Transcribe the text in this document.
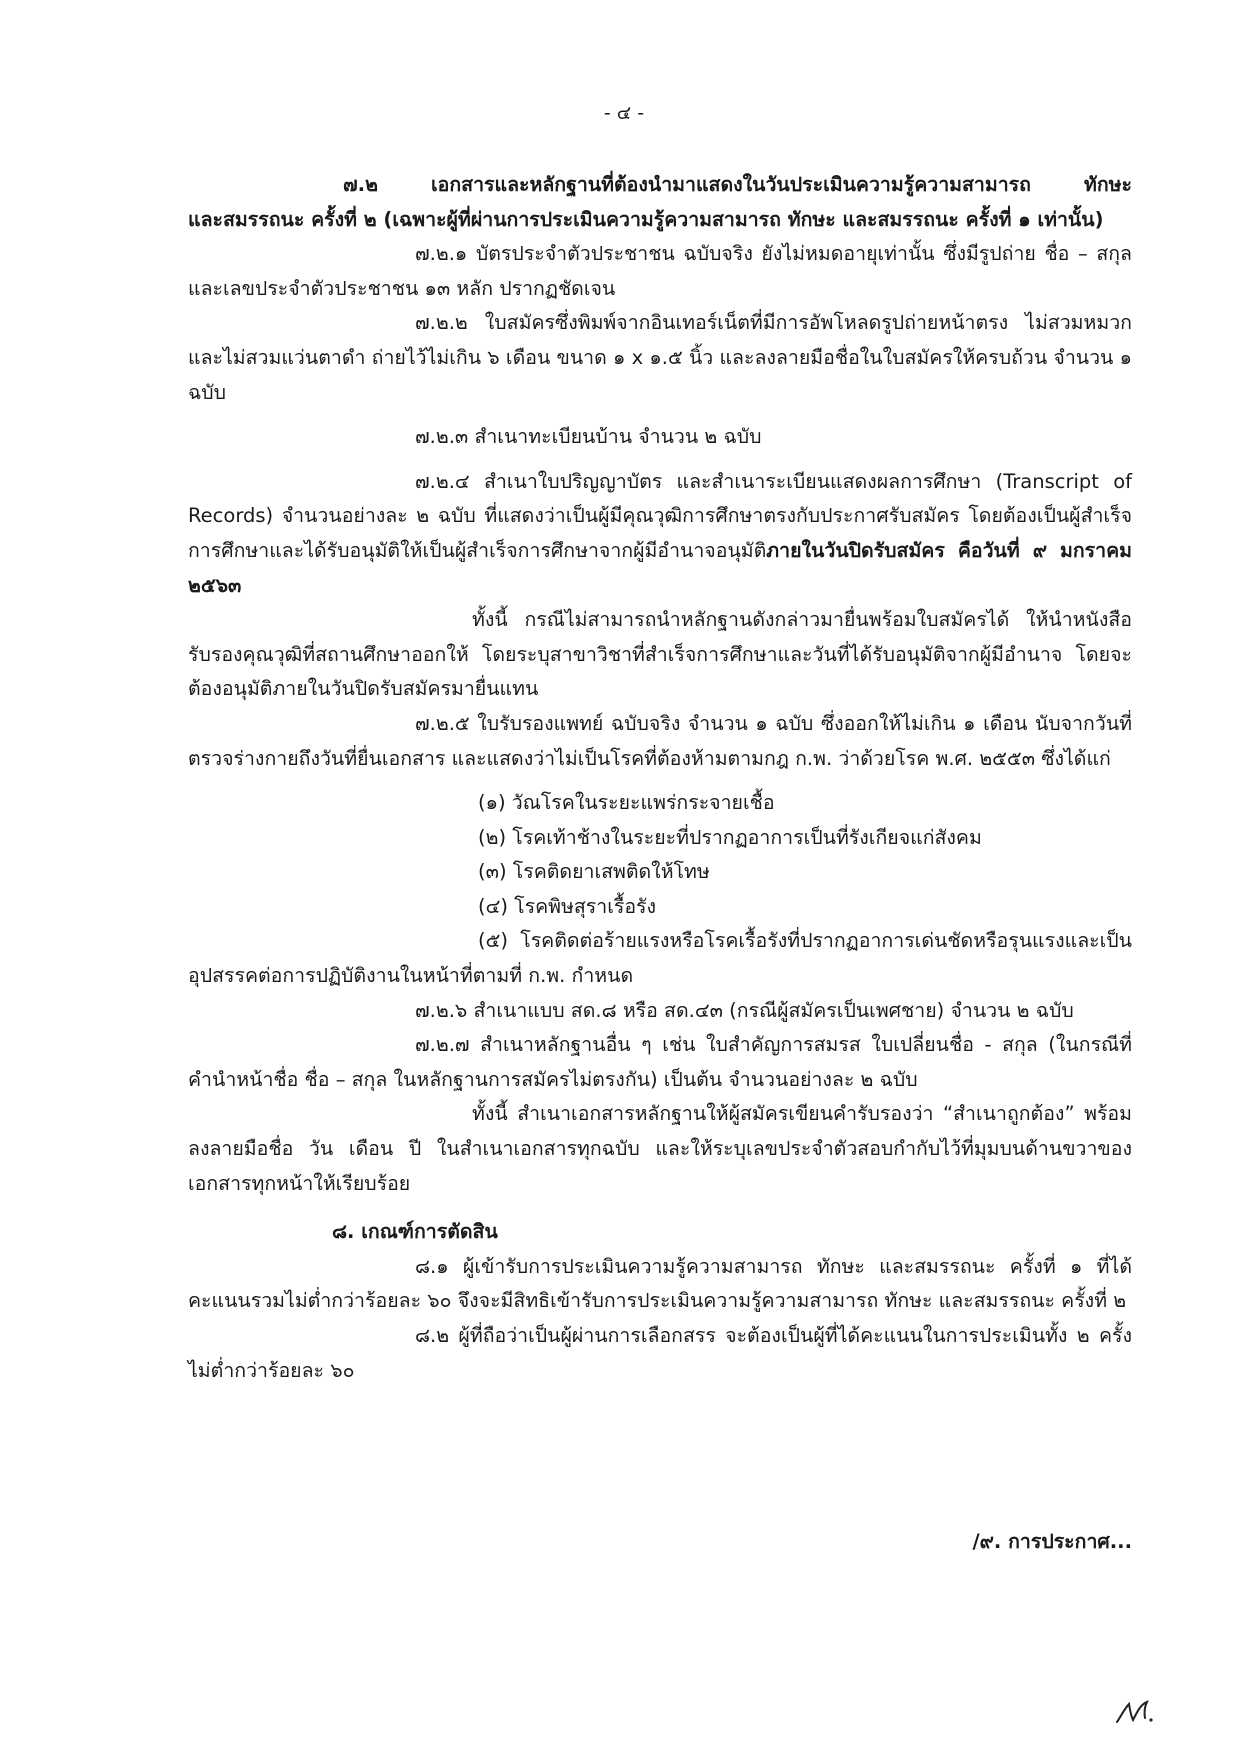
- ๔ -

๗.๒ เอกสารและหลักฐานที่ต้องนำมาแสดงในวันประเมินความรู้ความสามารถ ทักษะ

และสมรรถนะ ครั้งที่ ๒ (เฉพาะผู้ที่ผ่านการประเมินความรู้ความสามารถ ทักษะ และสมรรถนะ ครั้งที่ ๑ เท่านั้น)

๗.๒.๑ บัตรประจำตัวประชาชน ฉบับจริง ยังไม่หมดอายุเท่านั้น ซึ่งมีรูปถ่าย ชื่อ – สกุล และเลขประจำตัวประชาชน ๑๓ หลัก ปรากฏชัดเจน

๗.๒.๒ ใบสมัครซึ่งพิมพ์จากอินเทอร์เน็ตที่มีการอัพโหลดรูปถ่ายหน้าตรง ไม่สวมหมวก และไม่สวมแว่นตาดำ ถ่ายไว้ไม่เกิน ๖ เดือน ขนาด ๑ x ๑.๕ นิ้ว และลงลายมือชื่อในใบสมัครให้ครบถ้วน จำนวน ๑ ฉบับ

๗.๒.๓ สำเนาทะเบียนบ้าน จำนวน ๒ ฉบับ

๗.๒.๔ สำเนาใบปริญญาบัตร และสำเนาระเบียนแสดงผลการศึกษา (Transcript of Records) จำนวนอย่างละ ๒ ฉบับ ที่แสดงว่าเป็นผู้มีคุณวุฒิการศึกษาตรงกับประกาศรับสมัคร โดยต้องเป็นผู้สำเร็จการศึกษาและได้รับอนุมัติให้เป็นผู้สำเร็จการศึกษาจากผู้มีอำนาจอนุมัติภายในวันปิดรับสมัคร คือวันที่ ๙ มกราคม ๒๕๖๓

ทั้งนี้ กรณีไม่สามารถนำหลักฐานดังกล่าวมายื่นพร้อมใบสมัครได้ ให้นำหนังสือรับรองคุณวุฒิที่สถานศึกษาออกให้ โดยระบุสาขาวิชาที่สำเร็จการศึกษาและวันที่ได้รับอนุมัติจากผู้มีอำนาจ โดยจะต้องอนุมัติภายในวันปิดรับสมัครมายื่นแทน

๗.๒.๕ ใบรับรองแพทย์ ฉบับจริง จำนวน ๑ ฉบับ ซึ่งออกให้ไม่เกิน ๑ เดือน นับจากวันที่ตรวจร่างกายถึงวันที่ยื่นเอกสาร และแสดงว่าไม่เป็นโรคที่ต้องห้ามตามกฎ ก.พ. ว่าด้วยโรค พ.ศ. ๒๕๕๓ ซึ่งได้แก่

(๑) วัณโรคในระยะแพร่กระจายเชื้อ

(๒) โรคเท้าช้างในระยะที่ปรากฏอาการเป็นที่รังเกียจแก่สังคม

(๓) โรคติดยาเสพติดให้โทษ

(๔) โรคพิษสุราเรื้อรัง

(๕) โรคติดต่อร้ายแรงหรือโรคเรื้อรังที่ปรากฏอาการเด่นชัดหรือรุนแรงและเป็นอุปสรรคต่อการปฏิบัติงานในหน้าที่ตามที่ ก.พ. กำหนด

๗.๒.๖ สำเนาแบบ สด.๘ หรือ สด.๔๓ (กรณีผู้สมัครเป็นเพศชาย) จำนวน ๒ ฉบับ

๗.๒.๗ สำเนาหลักฐานอื่น ๆ เช่น ใบสำคัญการสมรส ใบเปลี่ยนชื่อ - สกุล (ในกรณีที่คำนำหน้าชื่อ ชื่อ – สกุล ในหลักฐานการสมัครไม่ตรงกัน) เป็นต้น จำนวนอย่างละ ๒ ฉบับ

ทั้งนี้ สำเนาเอกสารหลักฐานให้ผู้สมัครเขียนคำรับรองว่า “สำเนาถูกต้อง” พร้อมลงลายมือชื่อ วัน เดือน ปี ในสำเนาเอกสารทุกฉบับ และให้ระบุเลขประจำตัวสอบกำกับไว้ที่มุมบนด้านขวาของเอกสารทุกหน้าให้เรียบร้อย

๘. เกณฑ์การตัดสิน

๘.๑ ผู้เข้ารับการประเมินความรู้ความสามารถ ทักษะ และสมรรถนะ ครั้งที่ ๑ ที่ได้คะแนนรวมไม่ต่ำกว่าร้อยละ ๖๐ จึงจะมีสิทธิเข้ารับการประเมินความรู้ความสามารถ ทักษะ และสมรรถนะ ครั้งที่ ๒

๘.๒ ผู้ที่ถือว่าเป็นผู้ผ่านการเลือกสรร จะต้องเป็นผู้ที่ได้คะแนนในการประเมินทั้ง ๒ ครั้ง ไม่ต่ำกว่าร้อยละ ๖๐

/๙. การประกาศ...
